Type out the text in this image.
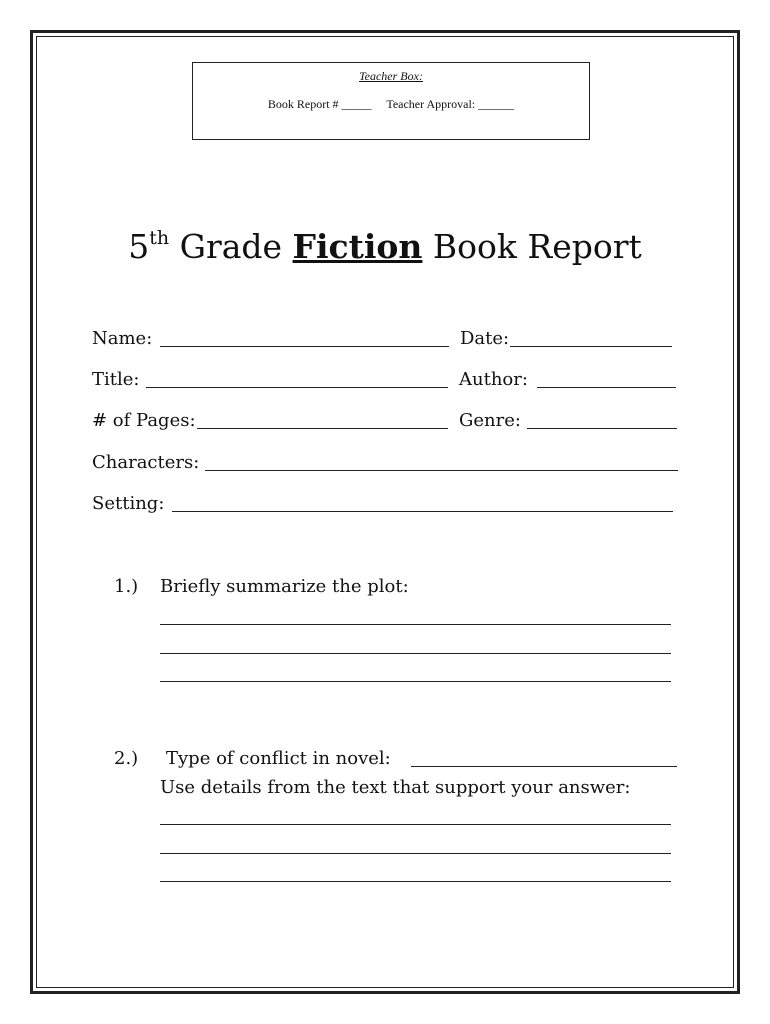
Teacher Box:
Book Report # _____ Teacher Approval: ______
5th Grade Fiction Book Report
Name:	Date:
Title:	Author:
# of Pages:	Genre:
Characters:
Setting:
1.) Briefly summarize the plot:
2.) Type of conflict in novel:
Use details from the text that support your answer:
